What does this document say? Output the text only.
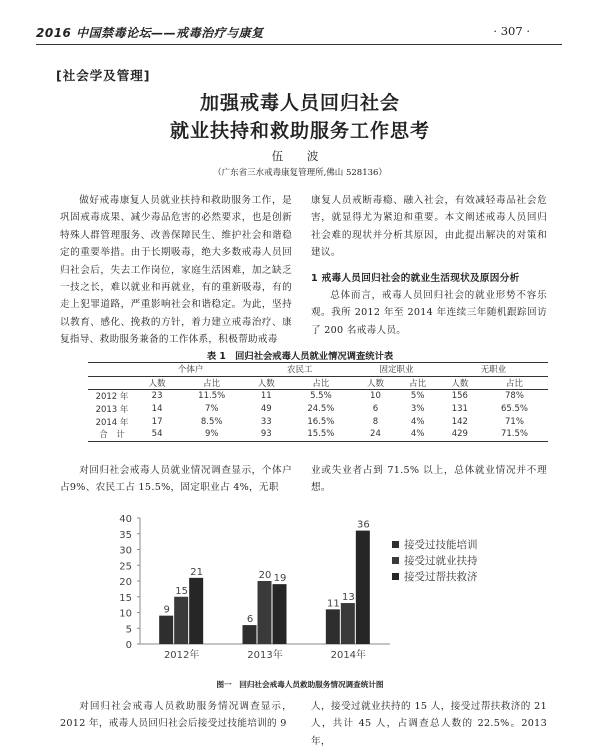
2016 中国禁毒论坛——戒毒治疗与康复	· 307 ·
[社会学及管理]
加强戒毒人员回归社会
就业扶持和救助服务工作思考
伍 波
（广东省三水戒毒康复管理所,佛山 528136）

做好戒毒康复人员就业扶持和救助服务工作，是巩固戒毒成果、减少毒品危害的必然要求，也是创新特殊人群管理服务、改善保障民生、维护社会和谐稳定的重要举措。由于长期吸毒，绝大多数戒毒人员回归社会后，失去工作岗位，家庭生活困难，加之缺乏一技之长，难以就业和再就业，有的重新吸毒，有的走上犯罪道路，严重影响社会和谐稳定。为此，坚持以教育、感化、挽救的方针，着力建立戒毒治疗、康复指导、救助服务兼备的工作体系，积极帮助戒毒

康复人员戒断毒瘾、融入社会，有效减轻毒品社会危害，就显得尤为紧迫和重要。本文阐述戒毒人员回归社会难的现状并分析其原因，由此提出解决的对策和建议。

1 戒毒人员回归社会的就业生活现状及原因分析

总体而言，戒毒人员回归社会的就业形势不容乐观。我所 2012 年至 2014 年连续三年随机跟踪回访了 200 名戒毒人员。

表 1　回归社会戒毒人员就业情况调查统计表
	个体户		农民工		固定职业		无职业	
	人数	占比	人数	占比	人数	占比	人数	占比
2012 年	23	11.5%	11	5.5%	10	5%	156	78%
2013 年	14	7%	49	24.5%	6	3%	131	65.5%
2014 年	17	8.5%	33	16.5%	8	4%	142	71%
合　计	54	9%	93	15.5%	24	4%	429	71.5%

对回归社会戒毒人员就业情况调查显示，个体户占9%、农民工占 15.5%，固定职业占 4%，无职

业或失业者占到 71.5% 以上，总体就业情况并不理想。

0
5
10
15
20
25
30
35
40
9
15
21
2012年
6
20 19
2013年
11
13
36
2014年
接受过技能培训
接受过就业扶持
接受过帮扶救济
图一　回归社会戒毒人员救助服务情况调查统计图

对回归社会戒毒人员救助服务情况调查显示，2012 年，戒毒人员回归社会后接受过技能培训的 9

人，接受过就业扶持的 15 人，接受过帮扶救济的 21 人，共计 45 人，占调查总人数的 22.5%。2013 年，
